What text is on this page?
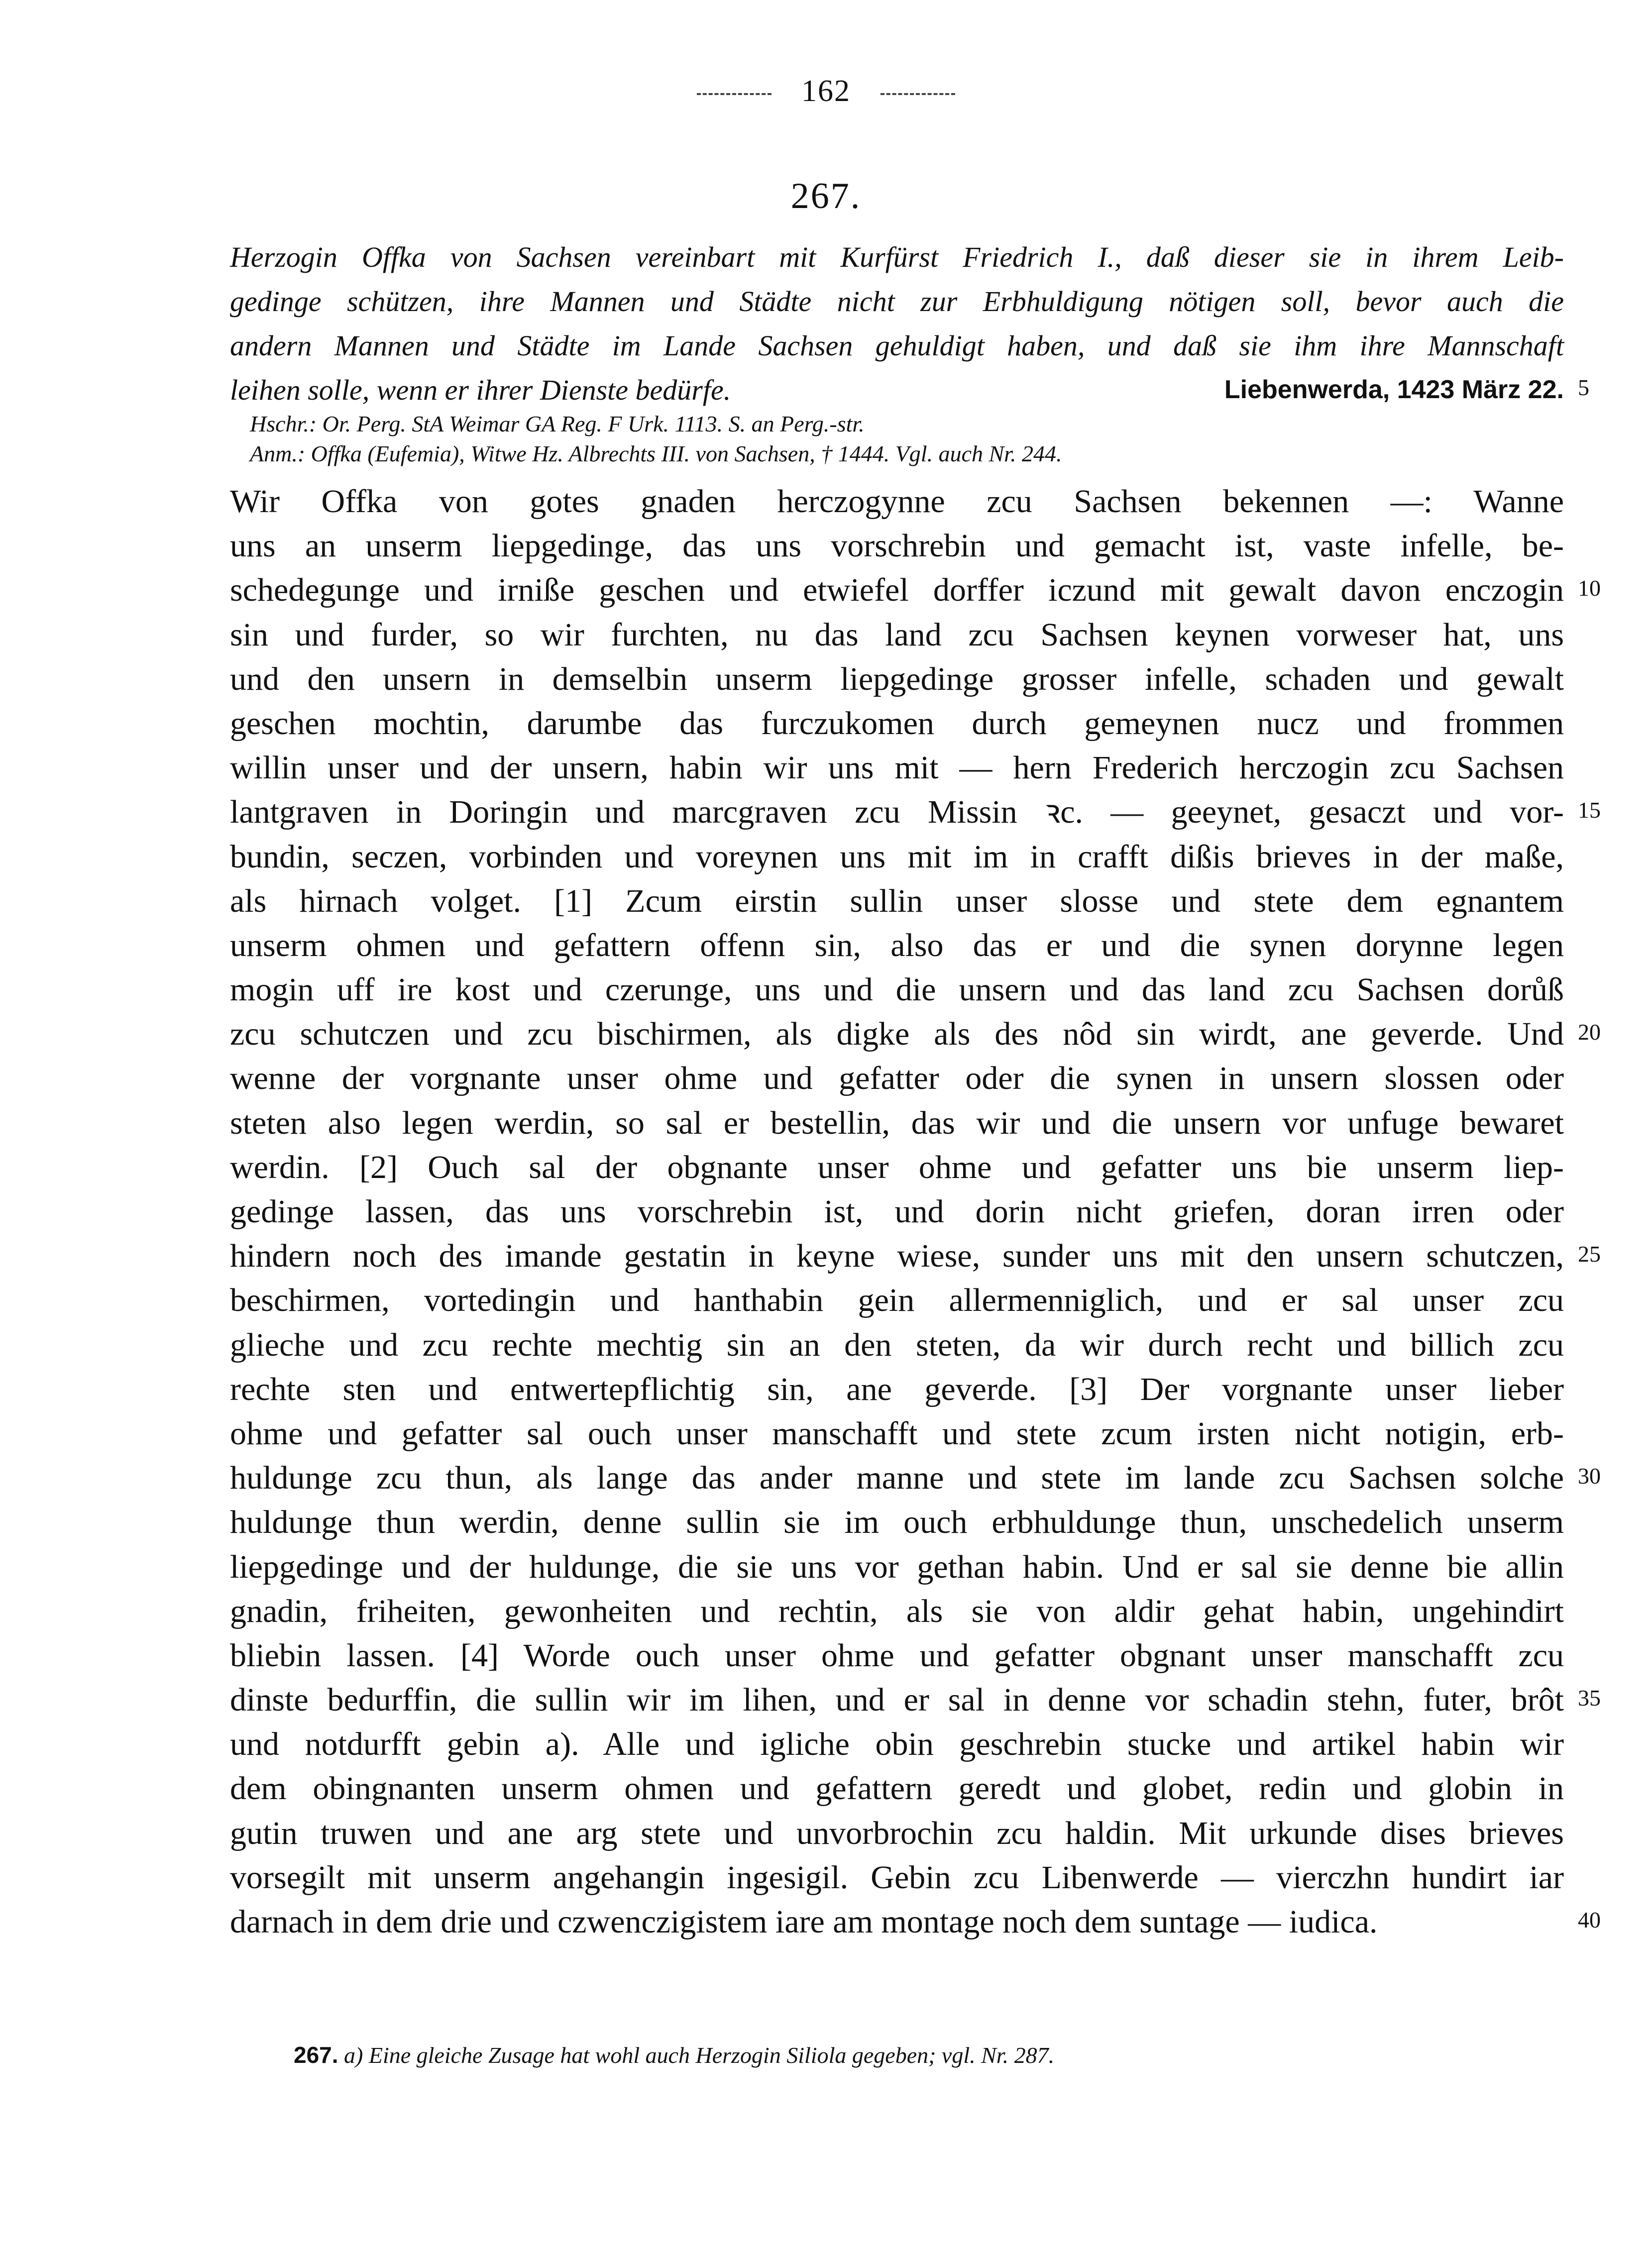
162
267.
Herzogin Offka von Sachsen vereinbart mit Kurfürst Friedrich I., daß dieser sie in ihrem Leib-
gedinge schützen, ihre Mannen und Städte nicht zur Erbhuldigung nötigen soll, bevor auch die
andern Mannen und Städte im Lande Sachsen gehuldigt haben, und daß sie ihm ihre Mannschaft
leihen solle, wenn er ihrer Dienste bedürfe.	Liebenwerda, 1423 März 22. 5
Hschr.: Or. Perg. StA Weimar GA Reg. F Urk. 1113. S. an Perg.-str.
Anm.: Offka (Eufemia), Witwe Hz. Albrechts III. von Sachsen, † 1444. Vgl. auch Nr. 244.
Wir Offka von gotes gnaden herczogynne zcu Sachsen bekennen —: Wanne
uns an unserm liepgedinge, das uns vorschrebin und gemacht ist, vaste infelle, be-
schedegunge und irniße geschen und etwiefel dorffer iczund mit gewalt davon enczogin
sin und furder, so wir furchten, nu das land zcu Sachsen keynen vorweser hat, uns
und den unsern in demselbin unserm liepgedinge grosser infelle, schaden und gewalt
geschen mochtin, darumbe das furczukomen durch gemeynen nucz und frommen
willin unser und der unsern, habin wir uns mit — hern Frederich herczogin zcu Sachsen
lantgraven in Doringin und marcgraven zcu Missin ꝛc. — geeynet, gesaczt und vor-
bundin, seczen, vorbinden und voreynen uns mit im in crafft dißis brieves in der maße,
als hirnach volget. [1] Zcum eirstin sullin unser slosse und stete dem egnantem
unserm ohmen und gefattern offenn sin, also das er und die synen dorynne legen
mogin uff ire kost und czerunge, uns und die unsern und das land zcu Sachsen dorůß
zcu schutczen und zcu bischirmen, als digke als des nôd sin wirdt, ane geverde. Und
wenne der vorgnante unser ohme und gefatter oder die synen in unsern slossen oder
steten also legen werdin, so sal er bestellin, das wir und die unsern vor unfuge bewaret
werdin. [2] Ouch sal der obgnante unser ohme und gefatter uns bie unserm liep-
gedinge lassen, das uns vorschrebin ist, und dorin nicht griefen, doran irren oder
hindern noch des imande gestatin in keyne wiese, sunder uns mit den unsern schutczen,
beschirmen, vortedingin und hanthabin gein allermenniglich, und er sal unser zcu
glieche und zcu rechte mechtig sin an den steten, da wir durch recht und billich zcu
rechte sten und entwertepflichtig sin, ane geverde. [3] Der vorgnante unser lieber
ohme und gefatter sal ouch unser manschafft und stete zcum irsten nicht notigin, erb-
huldunge zcu thun, als lange das ander manne und stete im lande zcu Sachsen solche
huldunge thun werdin, denne sullin sie im ouch erbhuldunge thun, unschedelich unserm
liepgedinge und der huldunge, die sie uns vor gethan habin. Und er sal sie denne bie allin
gnadin, friheiten, gewonheiten und rechtin, als sie von aldir gehat habin, ungehindirt
bliebin lassen. [4] Worde ouch unser ohme und gefatter obgnant unser manschafft zcu
dinste bedurffin, die sullin wir im lihen, und er sal in denne vor schadin stehn, futer, brôt
und notdurfft gebin a). Alle und igliche obin geschrebin stucke und artikel habin wir
dem obingnanten unserm ohmen und gefattern geredt und globet, redin und globin in
gutin truwen und ane arg stete und unvorbrochin zcu haldin. Mit urkunde dises brieves
vorsegilt mit unserm angehangin ingesigil. Gebin zcu Libenwerde — vierczhn hundirt iar
darnach in dem drie und czwenczigistem iare am montage noch dem suntage — iudica.
267. a) Eine gleiche Zusage hat wohl auch Herzogin Siliola gegeben; vgl. Nr. 287.
10
15
20
25
30
35
40
